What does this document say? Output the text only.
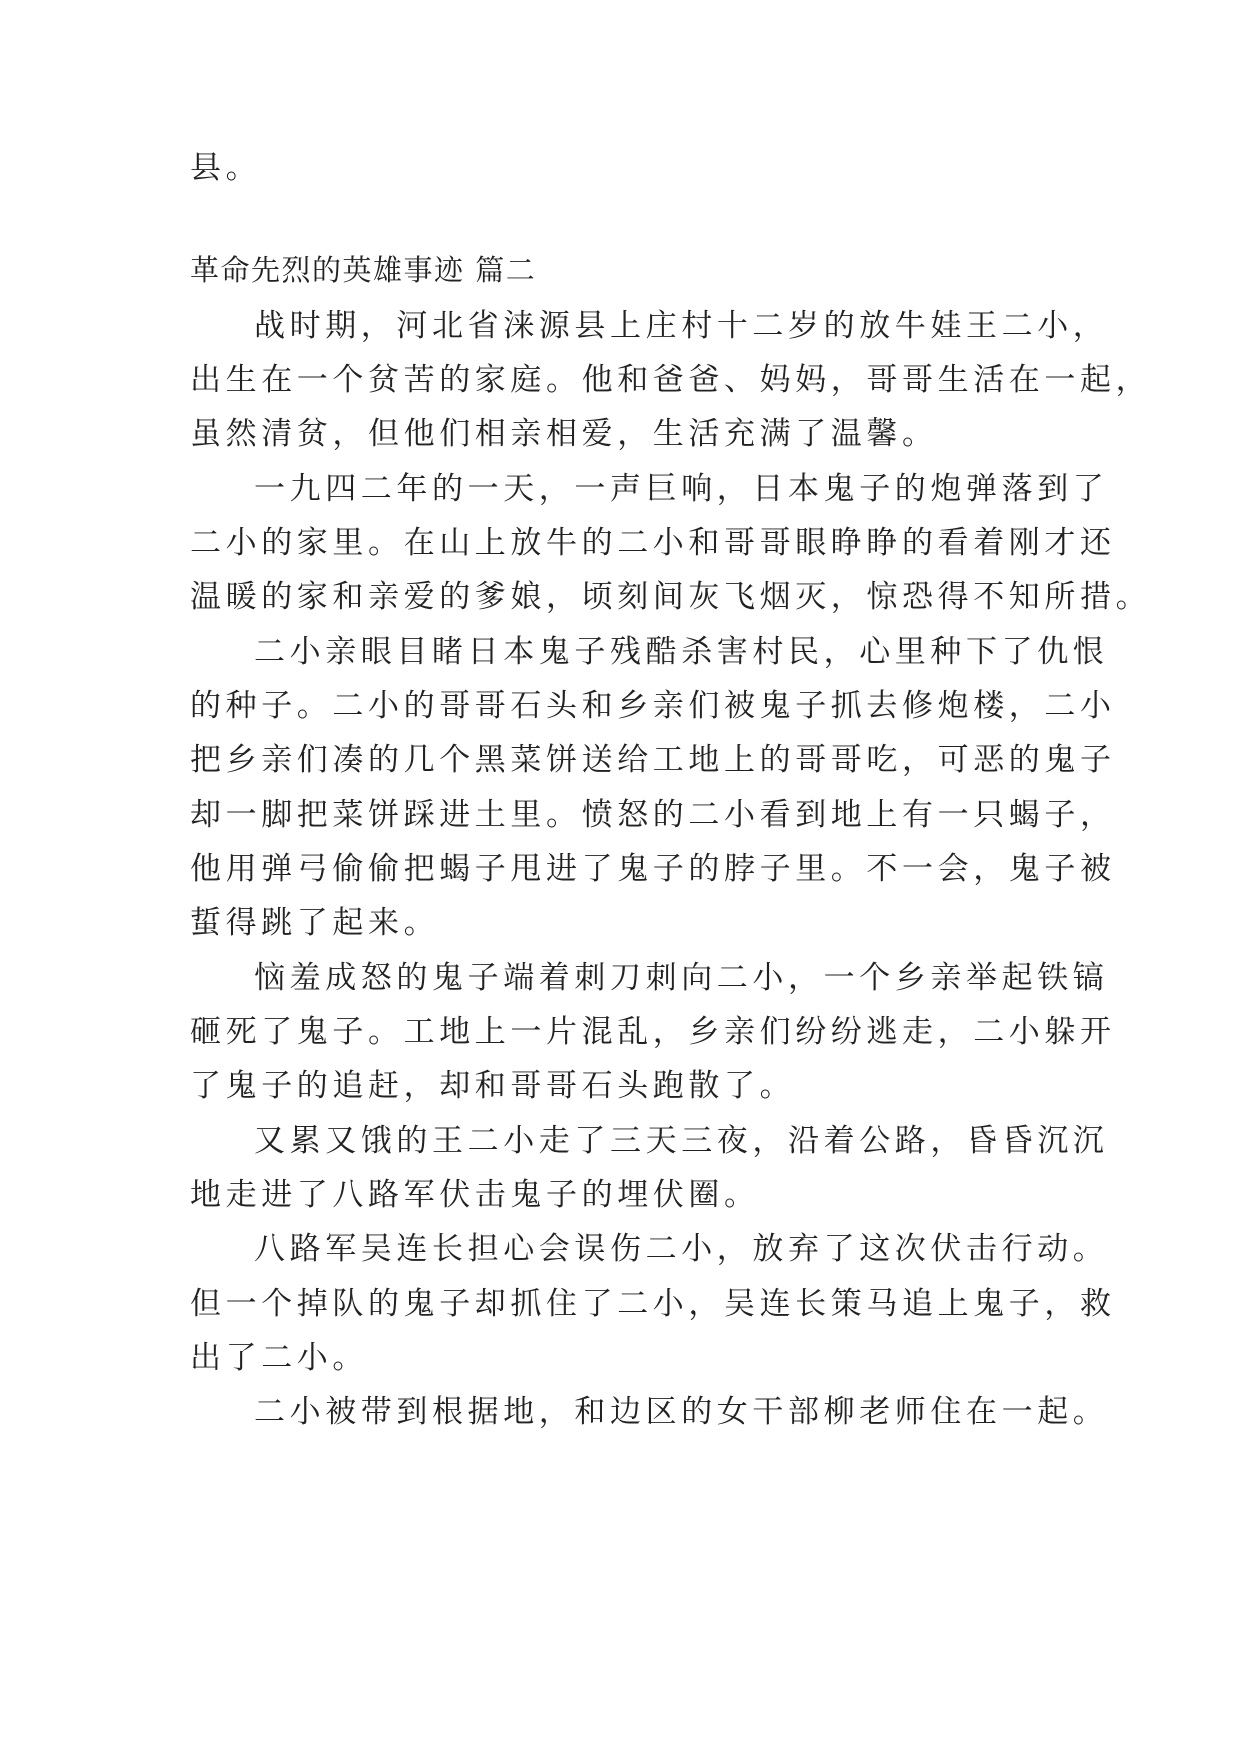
县。
革命先烈的英雄事迹 篇二
战时期，河北省涞源县上庄村十二岁的放牛娃王二小，
出生在一个贫苦的家庭。他和爸爸、妈妈，哥哥生活在一起，
虽然清贫，但他们相亲相爱，生活充满了温馨。
一九四二年的一天，一声巨响，日本鬼子的炮弹落到了
二小的家里。在山上放牛的二小和哥哥眼睁睁的看着刚才还
温暖的家和亲爱的爹娘，顷刻间灰飞烟灭，惊恐得不知所措。
二小亲眼目睹日本鬼子残酷杀害村民，心里种下了仇恨
的种子。二小的哥哥石头和乡亲们被鬼子抓去修炮楼，二小
把乡亲们凑的几个黑菜饼送给工地上的哥哥吃，可恶的鬼子
却一脚把菜饼踩进土里。愤怒的二小看到地上有一只蝎子，
他用弹弓偷偷把蝎子甩进了鬼子的脖子里。不一会，鬼子被
蜇得跳了起来。
恼羞成怒的鬼子端着刺刀刺向二小，一个乡亲举起铁镐
砸死了鬼子。工地上一片混乱，乡亲们纷纷逃走，二小躲开
了鬼子的追赶，却和哥哥石头跑散了。
又累又饿的王二小走了三天三夜，沿着公路，昏昏沉沉
地走进了八路军伏击鬼子的埋伏圈。
八路军吴连长担心会误伤二小，放弃了这次伏击行动。
但一个掉队的鬼子却抓住了二小，吴连长策马追上鬼子，救
出了二小。
二小被带到根据地，和边区的女干部柳老师住在一起。
